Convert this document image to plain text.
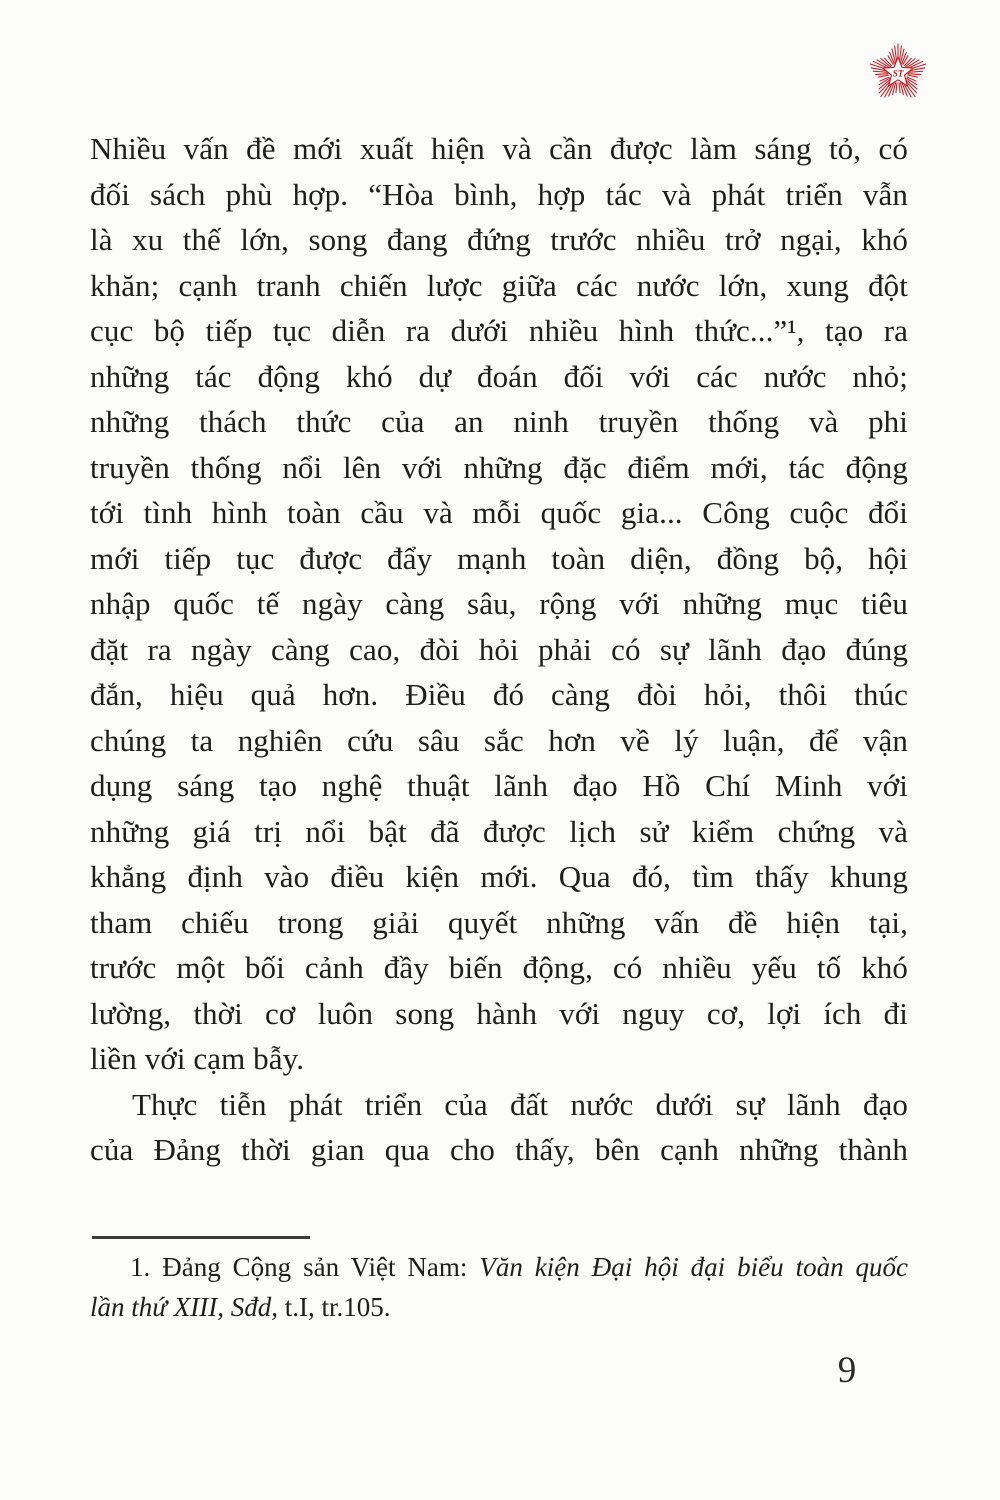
ST
Nhiều vấn đề mới xuất hiện và cần được làm sáng tỏ, có
đối sách phù hợp. “Hòa bình, hợp tác và phát triển vẫn
là xu thế lớn, song đang đứng trước nhiều trở ngại, khó
khăn; cạnh tranh chiến lược giữa các nước lớn, xung đột
cục bộ tiếp tục diễn ra dưới nhiều hình thức...”¹, tạo ra
những tác động khó dự đoán đối với các nước nhỏ;
những thách thức của an ninh truyền thống và phi
truyền thống nổi lên với những đặc điểm mới, tác động
tới tình hình toàn cầu và mỗi quốc gia... Công cuộc đổi
mới tiếp tục được đẩy mạnh toàn diện, đồng bộ, hội
nhập quốc tế ngày càng sâu, rộng với những mục tiêu
đặt ra ngày càng cao, đòi hỏi phải có sự lãnh đạo đúng
đắn, hiệu quả hơn. Điều đó càng đòi hỏi, thôi thúc
chúng ta nghiên cứu sâu sắc hơn về lý luận, để vận
dụng sáng tạo nghệ thuật lãnh đạo Hồ Chí Minh với
những giá trị nổi bật đã được lịch sử kiểm chứng và
khẳng định vào điều kiện mới. Qua đó, tìm thấy khung
tham chiếu trong giải quyết những vấn đề hiện tại,
trước một bối cảnh đầy biến động, có nhiều yếu tố khó
lường, thời cơ luôn song hành với nguy cơ, lợi ích đi
liền với cạm bẫy.
Thực tiễn phát triển của đất nước dưới sự lãnh đạo
của Đảng thời gian qua cho thấy, bên cạnh những thành
1. Đảng Cộng sản Việt Nam: Văn kiện Đại hội đại biểu toàn quốc
lần thứ XIII, Sđd, t.I, tr.105.
9
